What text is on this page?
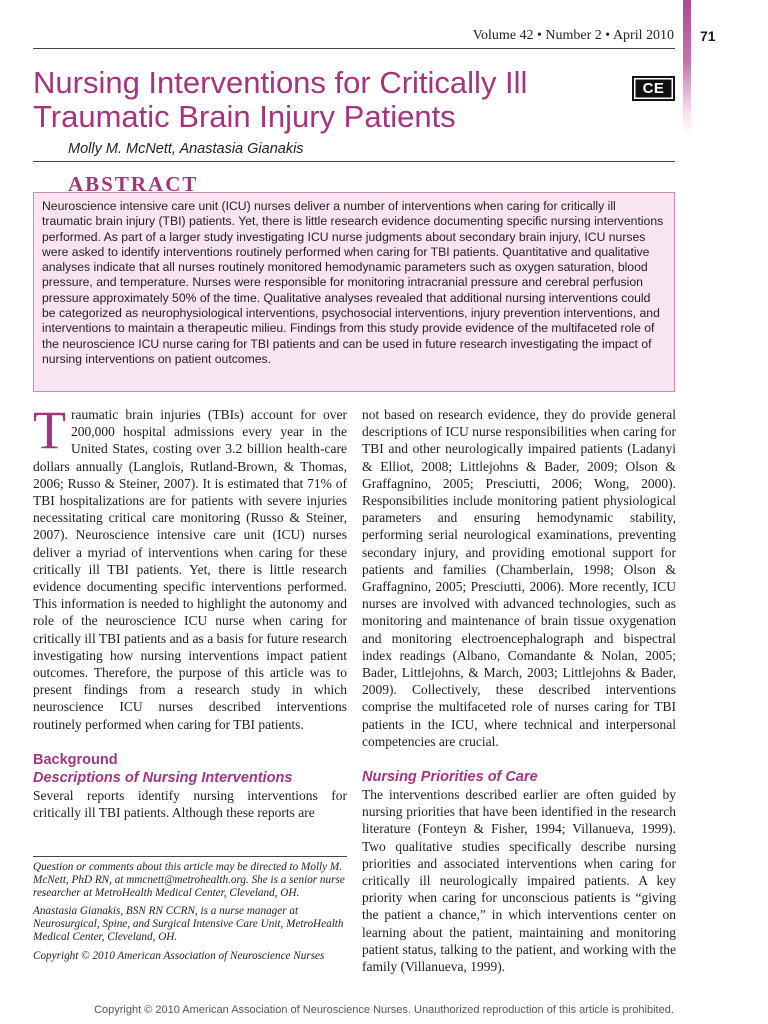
Volume 42 • Number 2 • April 2010 71
Nursing Interventions for Critically Ill
Traumatic Brain Injury Patients
CE
Molly M. McNett, Anastasia Gianakis
Neuroscience intensive care unit (ICU) nurses deliver a number of interventions when caring for critically ill traumatic brain injury (TBI) patients. Yet, there is little research evidence documenting specific nursing interventions performed. As part of a larger study investigating ICU nurse judgments about secondary brain injury, ICU nurses were asked to identify interventions routinely performed when caring for TBI patients. Quantitative and qualitative analyses indicate that all nurses routinely monitored hemodynamic parameters such as oxygen saturation, blood pressure, and temperature. Nurses were responsible for monitoring intracranial pressure and cerebral perfusion pressure approximately 50% of the time. Qualitative analyses revealed that additional nursing interventions could be categorized as neurophysiological interventions, psychosocial interventions, injury prevention interventions, and interventions to maintain a therapeutic milieu. Findings from this study provide evidence of the multifaceted role of the neuroscience ICU nurse caring for TBI patients and can be used in future research investigating the impact of nursing interventions on patient outcomes.
ABSTRACT

Traumatic brain injuries (TBIs) account for over 200,000 hospital admissions every year in the United States, costing over 3.2 billion health-care dollars annually (Langlois, Rutland-Brown, & Thomas, 2006; Russo & Steiner, 2007). It is estimated that 71% of TBI hospitalizations are for patients with severe injuries necessitating critical care monitoring (Russo & Steiner, 2007). Neuroscience intensive care unit (ICU) nurses deliver a myriad of interventions when caring for these critically ill TBI patients. Yet, there is little research evidence documenting specific interventions performed. This information is needed to highlight the autonomy and role of the neuroscience ICU nurse when caring for critically ill TBI patients and as a basis for future research investigating how nursing interventions impact patient outcomes. Therefore, the purpose of this article was to present findings from a research study in which neuroscience ICU nurses described interventions routinely performed when caring for TBI patients.

Background
Descriptions of Nursing Interventions

Several reports identify nursing interventions for critically ill TBI patients. Although these reports are

not based on research evidence, they do provide general descriptions of ICU nurse responsibilities when caring for TBI and other neurologically impaired patients (Ladanyi & Elliot, 2008; Littlejohns & Bader, 2009; Olson & Graffagnino, 2005; Presciutti, 2006; Wong, 2000). Responsibilities include monitoring patient physiological parameters and ensuring hemodynamic stability, performing serial neurological examinations, preventing secondary injury, and providing emotional support for patients and families (Chamberlain, 1998; Olson & Graffagnino, 2005; Presciutti, 2006). More recently, ICU nurses are involved with advanced technologies, such as monitoring and maintenance of brain tissue oxygenation and monitoring electroencephalograph and bispectral index readings (Albano, Comandante & Nolan, 2005; Bader, Littlejohns, & March, 2003; Littlejohns & Bader, 2009). Collectively, these described interventions comprise the multifaceted role of nurses caring for TBI patients in the ICU, where technical and interpersonal competencies are crucial.

Nursing Priorities of Care

The interventions described earlier are often guided by nursing priorities that have been identified in the research literature (Fonteyn & Fisher, 1994; Villanueva, 1999). Two qualitative studies specifically describe nursing priorities and associated interventions when caring for critically ill neurologically impaired patients. A key priority when caring for unconscious patients is “giving the patient a chance,” in which interventions center on learning about the patient, maintaining and monitoring patient status, talking to the patient, and working with the family (Villanueva, 1999).

Question or comments about this article may be directed to Molly M. McNett, PhD RN, at mmcnett@metrohealth.org. She is a senior nurse researcher at MetroHealth Medical Center, Cleveland, OH.

Anastasia Gianakis, BSN RN CCRN, is a nurse manager at Neurosurgical, Spine, and Surgical Intensive Care Unit, MetroHealth Medical Center, Cleveland, OH.

Copyright © 2010 American Association of Neuroscience Nurses

Copyright © 2010 American Association of Neuroscience Nurses. Unauthorized reproduction of this article is prohibited.
